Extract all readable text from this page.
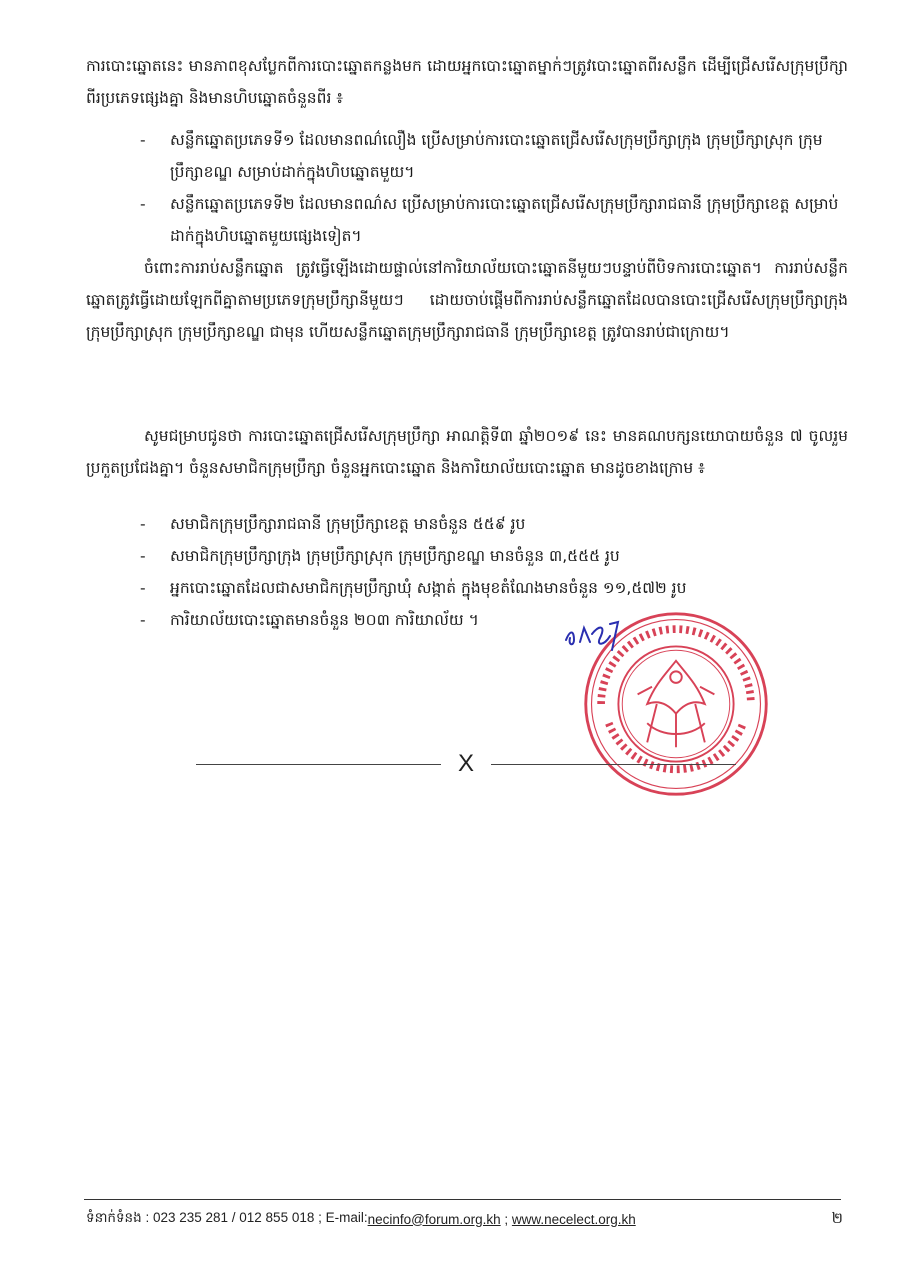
ការបោះឆ្នោតនេះ មានភាពខុសប្លែកពីការបោះឆ្នោតកន្លងមក ដោយអ្នកបោះឆ្នោតម្នាក់ៗត្រូវបោះឆ្នោតពីរសន្លឹក ដើម្បីជ្រើសរើសក្រុមប្រឹក្សាពីរប្រភេទផ្សេងគ្នា និងមានហិបឆ្នោតចំនួនពីរ ៖

- សន្លឹកឆ្នោតប្រភេទទី១ ដែលមានពណ៌លឿង ប្រើសម្រាប់ការបោះឆ្នោតជ្រើសរើសក្រុមប្រឹក្សាក្រុង ក្រុមប្រឹក្សាស្រុក ក្រុមប្រឹក្សាខណ្ឌ សម្រាប់ដាក់ក្នុងហិបឆ្នោតមួយ។
- សន្លឹកឆ្នោតប្រភេទទី២ ដែលមានពណ៌ស ប្រើសម្រាប់ការបោះឆ្នោតជ្រើសរើសក្រុមប្រឹក្សារាជធានី ក្រុមប្រឹក្សាខេត្ត សម្រាប់ដាក់ក្នុងហិបឆ្នោតមួយផ្សេងទៀត។

ចំពោះការរាប់សន្លឹកឆ្នោត ត្រូវធ្វើឡើងដោយផ្ទាល់នៅការិយាល័យបោះឆ្នោតនីមួយៗបន្ទាប់ពីបិទការបោះឆ្នោត។ ការរាប់សន្លឹកឆ្នោតត្រូវធ្វើដោយឡែកពីគ្នាតាមប្រភេទក្រុមប្រឹក្សានីមួយៗ ដោយចាប់ផ្តើមពីការរាប់សន្លឹកឆ្នោតដែលបានបោះជ្រើសរើសក្រុមប្រឹក្សាក្រុង ក្រុមប្រឹក្សាស្រុក ក្រុមប្រឹក្សាខណ្ឌ ជាមុន ហើយសន្លឹកឆ្នោតក្រុមប្រឹក្សារាជធានី ក្រុមប្រឹក្សាខេត្ត ត្រូវបានរាប់ជាក្រោយ។

សូមជម្រាបជូនថា ការបោះឆ្នោតជ្រើសរើសក្រុមប្រឹក្សា អាណត្តិទី៣ ឆ្នាំ២០១៩ នេះ មានគណបក្សនយោបាយចំនួន ៧ ចូលរួមប្រកួតប្រជែងគ្នា។ ចំនួនសមាជិកក្រុមប្រឹក្សា ចំនួនអ្នកបោះឆ្នោត និងការិយាល័យបោះឆ្នោត មានដូចខាងក្រោម ៖

- សមាជិកក្រុមប្រឹក្សារាជធានី ក្រុមប្រឹក្សាខេត្ត មានចំនួន ៥៥៩ រូប
- សមាជិកក្រុមប្រឹក្សាក្រុង ក្រុមប្រឹក្សាស្រុក ក្រុមប្រឹក្សាខណ្ឌ មានចំនួន ៣,៥៥៥ រូប
- អ្នកបោះឆ្នោតដែលជាសមាជិកក្រុមប្រឹក្សាឃុំ សង្កាត់ ក្នុងមុខតំណែងមានចំនួន ១១,៥៧២ រូប
- ការិយាល័យបោះឆ្នោតមានចំនួន ២០៣ ការិយាល័យ ។
X
ទំនាក់ទំនង : 023 235 281 / 012 855 018 ; E-mail: necinfo@forum.org.kh ; www.necelect.org.kh	២
